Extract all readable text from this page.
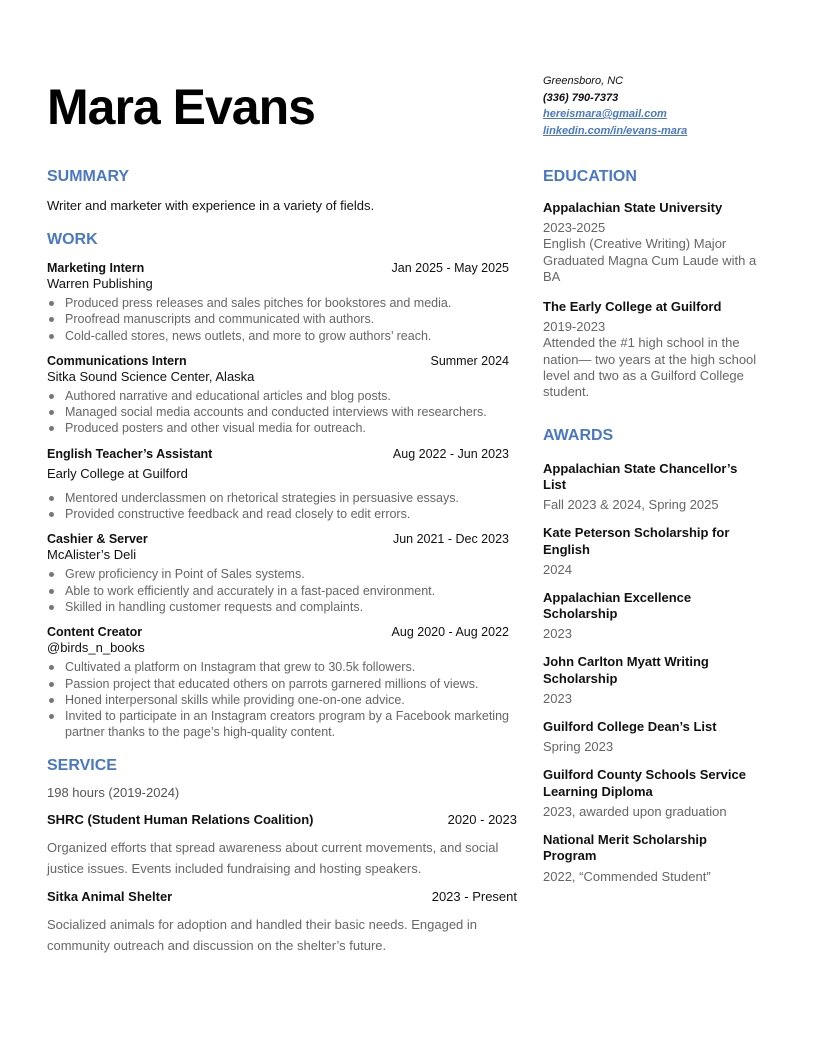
Mara Evans	Greensboro, NC
(336) 790-7373
hereismara@gmail.com
linkedin.com/in/evans-mara
SUMMARY

Writer and marketer with experience in a variety of fields.

WORK
Marketing Intern	Jan 2025 - May 2025
Warren Publishing
Produced press releases and sales pitches for bookstores and media.
Proofread manuscripts and communicated with authors.
Cold-called stores, news outlets, and more to grow authors’ reach.
Communications Intern	Summer 2024
Sitka Sound Science Center, Alaska
Authored narrative and educational articles and blog posts.
Managed social media accounts and conducted interviews with researchers.
Produced posters and other visual media for outreach.
English Teacher’s Assistant	Aug 2022 - Jun 2023
Early College at Guilford
Mentored underclassmen on rhetorical strategies in persuasive essays.
Provided constructive feedback and read closely to edit errors.
Cashier & Server	Jun 2021 - Dec 2023
McAlister’s Deli
Grew proficiency in Point of Sales systems.
Able to work efficiently and accurately in a fast-paced environment.
Skilled in handling customer requests and complaints.
Content Creator	Aug 2020 - Aug 2022
@birds_n_books
Cultivated a platform on Instagram that grew to 30.5k followers.
Passion project that educated others on parrots garnered millions of views.
Honed interpersonal skills while providing one-on-one advice.
Invited to participate in an Instagram creators program by a Facebook marketing partner thanks to the page’s high-quality content.
SERVICE
198 hours (2019-2024)
SHRC (Student Human Relations Coalition)	2020 - 2023

Organized efforts that spread awareness about current movements, and social justice issues. Events included fundraising and hosting speakers.

Sitka Animal Shelter	2023 - Present

Socialized animals for adoption and handled their basic needs. Engaged in community outreach and discussion on the shelter’s future.

EDUCATION
Appalachian State University
2023-2025
English (Creative Writing) Major Graduated Magna Cum Laude with a BA
The Early College at Guilford
2019-2023
Attended the #1 high school in the nation— two years at the high school level and two as a Guilford College student.
AWARDS
Appalachian State Chancellor’s List
Fall 2023 & 2024, Spring 2025
Kate Peterson Scholarship for English
2024
Appalachian Excellence Scholarship
2023
John Carlton Myatt Writing Scholarship
2023
Guilford College Dean’s List
Spring 2023
Guilford County Schools Service Learning Diploma
2023, awarded upon graduation
National Merit Scholarship Program
2022, “Commended Student”
